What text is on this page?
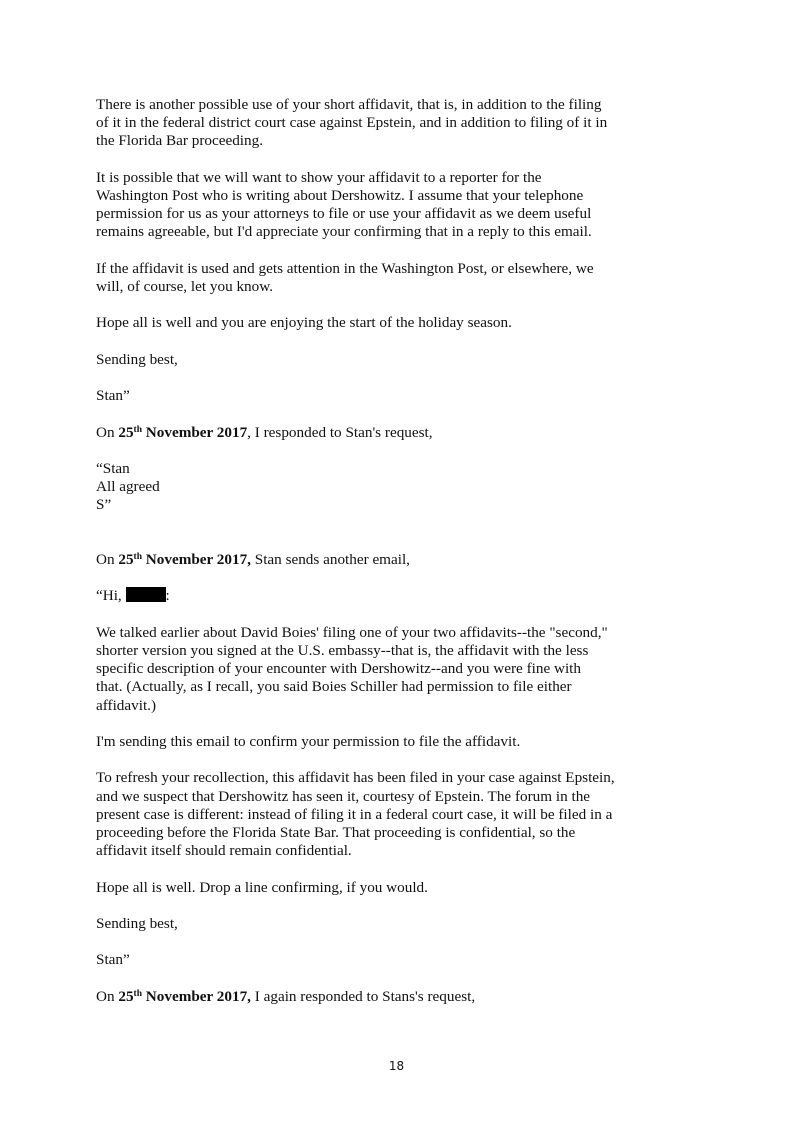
There is another possible use of your short affidavit, that is, in addition to the filing
of it in the federal district court case against Epstein, and in addition to filing of it in
the Florida Bar proceeding.

It is possible that we will want to show your affidavit to a reporter for the
Washington Post who is writing about Dershowitz. I assume that your telephone
permission for us as your attorneys to file or use your affidavit as we deem useful
remains agreeable, but I'd appreciate your confirming that in a reply to this email.

If the affidavit is used and gets attention in the Washington Post, or elsewhere, we
will, of course, let you know.

Hope all is well and you are enjoying the start of the holiday season.

Sending best,

Stan”

On 25th November 2017, I responded to Stan's request,

“Stan
All agreed
S”

On 25th November 2017, Stan sends another email,

“Hi,	:

We talked earlier about David Boies' filing one of your two affidavits--the "second,"
shorter version you signed at the U.S. embassy--that is, the affidavit with the less
specific description of your encounter with Dershowitz--and you were fine with
that. (Actually, as I recall, you said Boies Schiller had permission to file either
affidavit.)

I'm sending this email to confirm your permission to file the affidavit.

To refresh your recollection, this affidavit has been filed in your case against Epstein,
and we suspect that Dershowitz has seen it, courtesy of Epstein. The forum in the
present case is different: instead of filing it in a federal court case, it will be filed in a
proceeding before the Florida State Bar. That proceeding is confidential, so the
affidavit itself should remain confidential.

Hope all is well. Drop a line confirming, if you would.

Sending best,

Stan”

On 25th November 2017, I again responded to Stans's request,

18
